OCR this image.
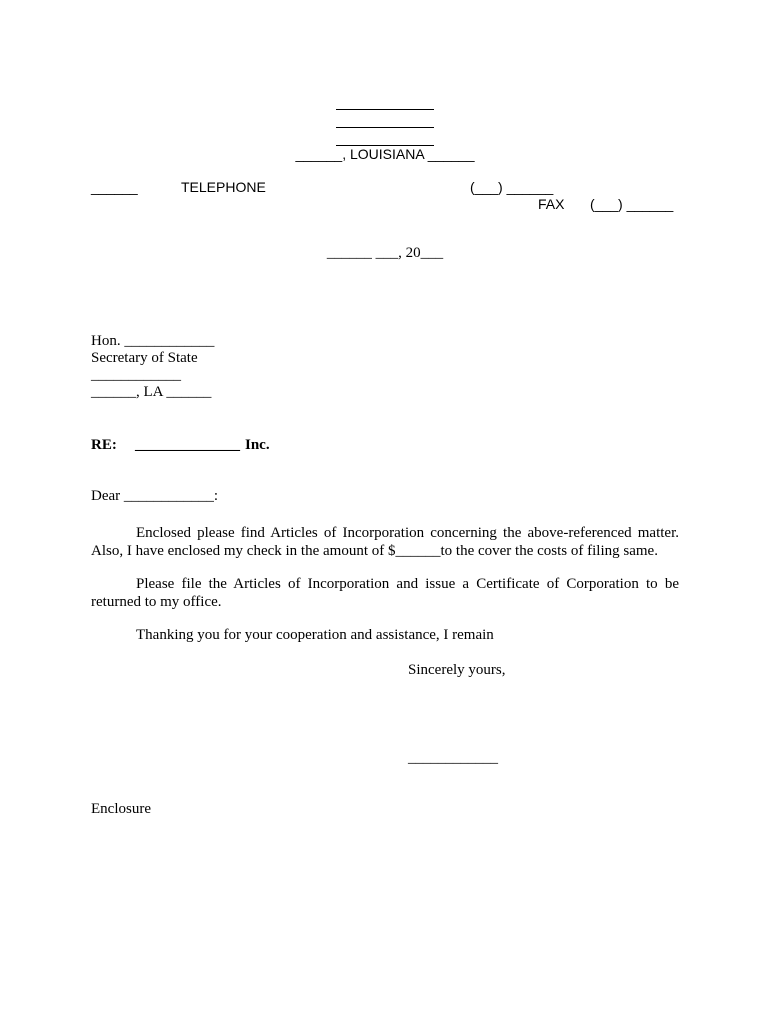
______, LOUISIANA ______
______	TELEPHONE	(___) ______
FAX (___) ______
______ ___, 20___
Hon. ____________
Secretary of State
____________
______, LA ______
RE: ______________ Inc.
Dear ____________:
Enclosed please find Articles of Incorporation concerning the above-referenced matter. Also, I have enclosed my check in the amount of $______to the cover the costs of filing same.
Please file the Articles of Incorporation and issue a Certificate of Corporation to be returned to my office.
Thanking you for your cooperation and assistance, I remain
Sincerely yours,
____________
Enclosure
